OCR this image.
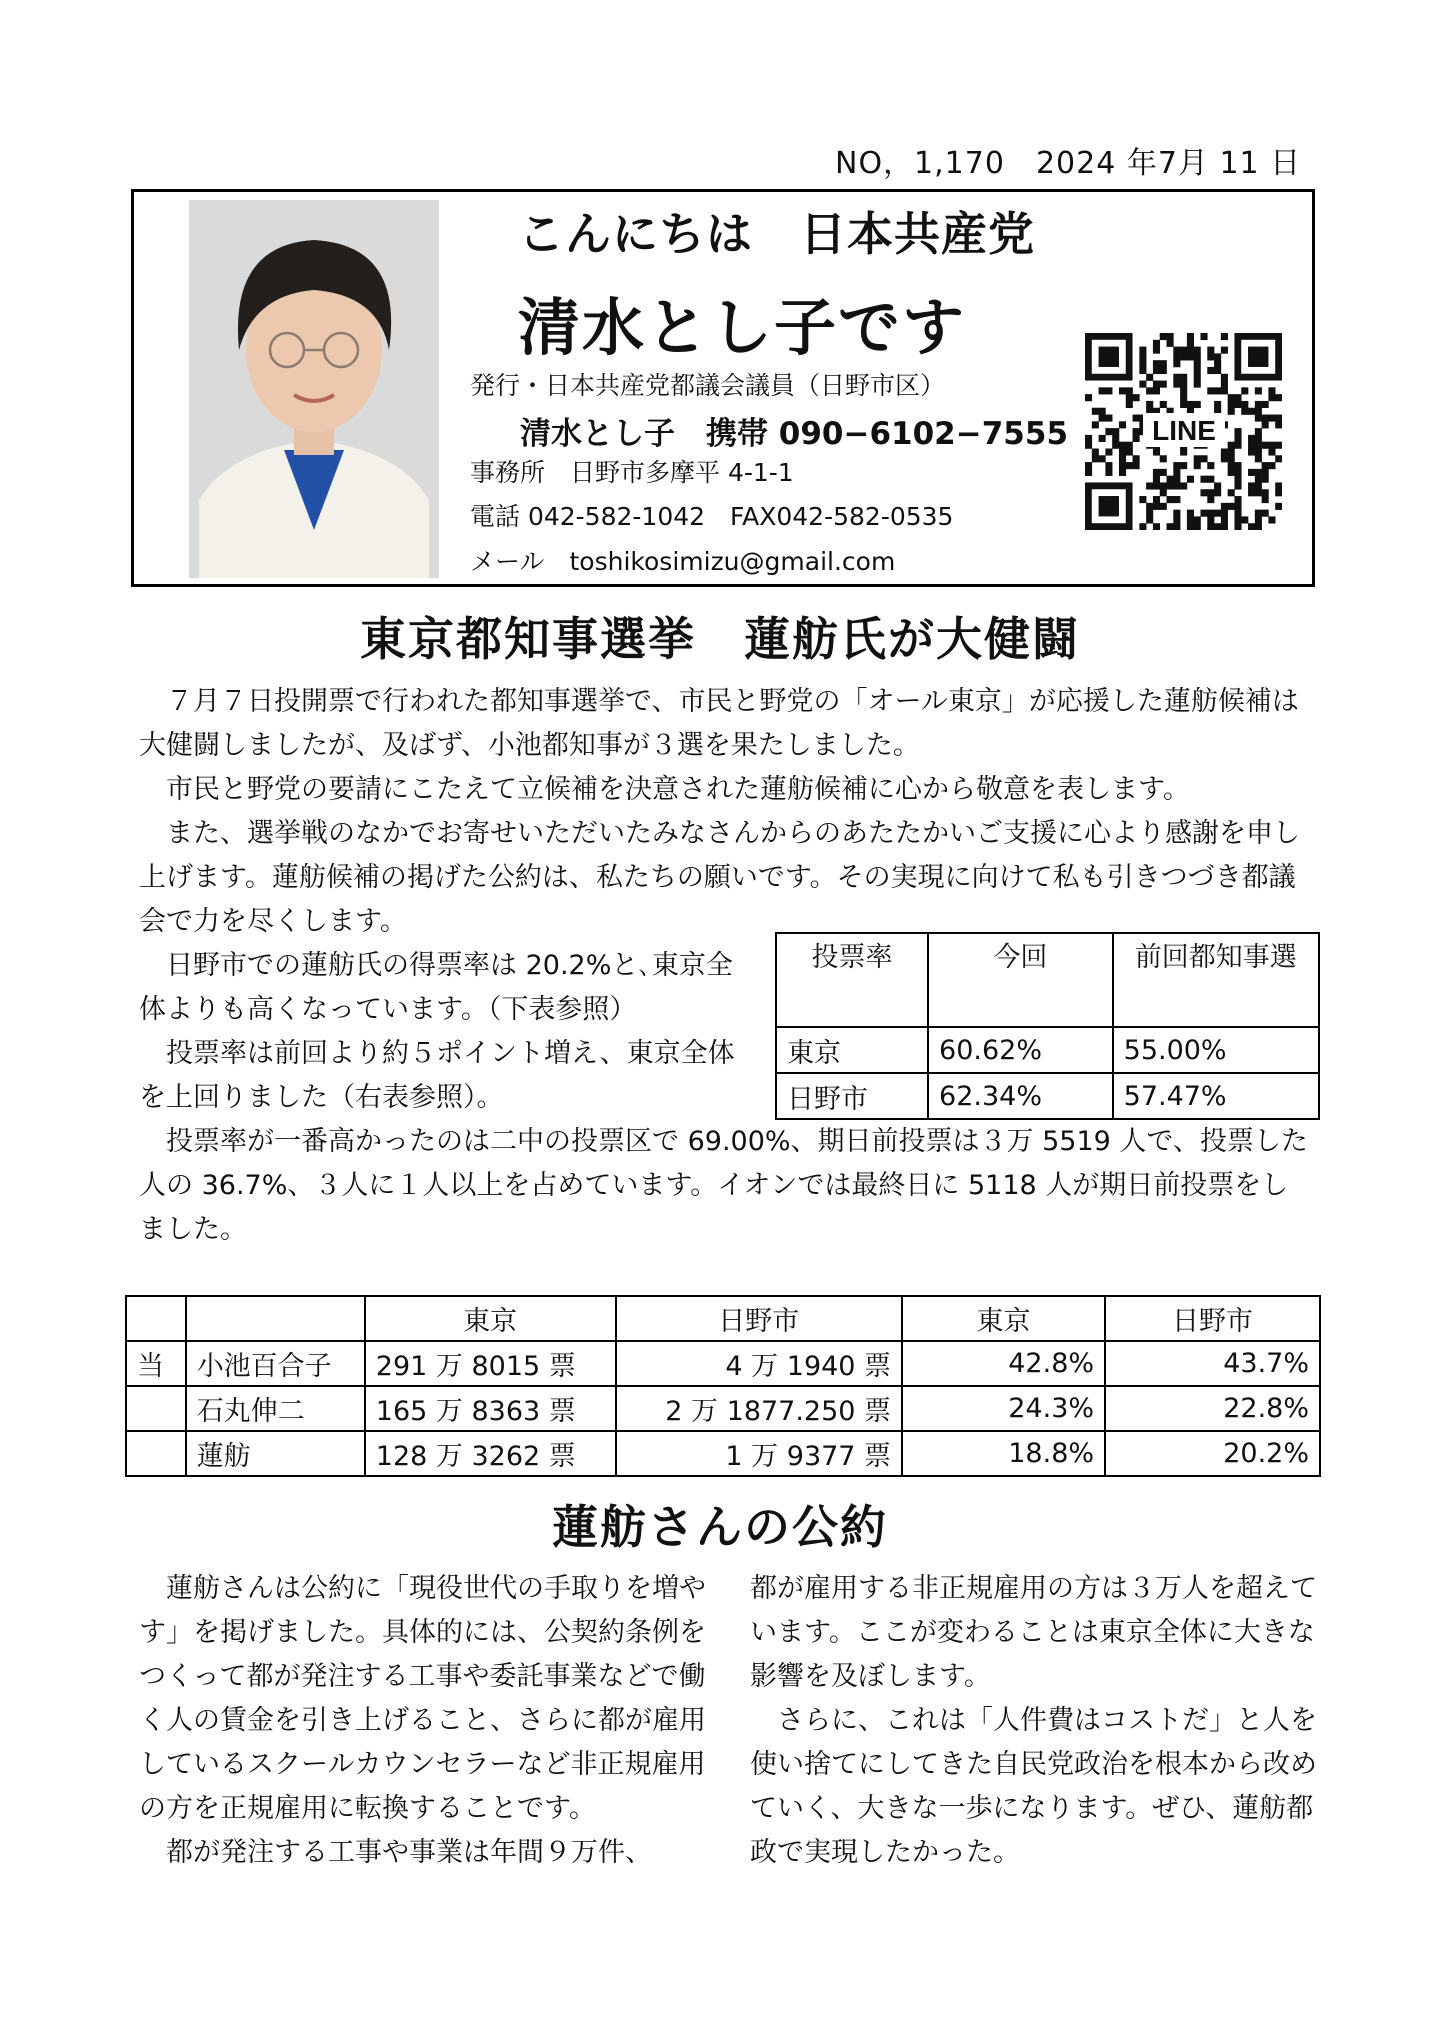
NO，1,170　2024 年7月 11 日
こんにちは　日本共産党
清水とし子です
発行・日本共産党都議会議員（日野市区）
清水とし子　携帯 090−6102−7555
事務所　日野市多摩平 4-1-1
電話 042-582-1042　FAX042-582-0535
メール　toshikosimizu@gmail.com
LINE
東京都知事選挙　蓮舫氏が大健闘

７月７日投開票で行われた都知事選挙で、市民と野党の「オール東京」が応援した蓮舫候補は大健闘しましたが、及ばず、小池都知事が３選を果たしました。

市民と野党の要請にこたえて立候補を決意された蓮舫候補に心から敬意を表します。

また、選挙戦のなかでお寄せいただいたみなさんからのあたたかいご支援に心より感謝を申し上げます。蓮舫候補の掲げた公約は、私たちの願いです。その実現に向けて私も引きつづき都議会で力を尽くします。

日野市での蓮舫氏の得票率は 20.2%と､東京全体よりも高くなっています。（下表参照）

投票率は前回より約５ポイント増え、東京全体を上回りました（右表参照）。

投票率	今回	前回都知事選
東京	60.62%	55.00%
日野市	62.34%	57.47%

投票率が一番高かったのは二中の投票区で 69.00%、期日前投票は３万 5519 人で、投票した人の 36.7%、３人に１人以上を占めています。イオンでは最終日に 5118 人が期日前投票をしました。

		東京	日野市	東京	日野市
当	小池百合子	291 万 8015 票	4 万 1940 票	42.8%	43.7%
	石丸伸二	165 万 8363 票	2 万 1877.250 票	24.3%	22.8%
	蓮舫	128 万 3262 票	1 万 9377 票	18.8%	20.2%
蓮舫さんの公約

蓮舫さんは公約に「現役世代の手取りを増やす」を掲げました。具体的には、公契約条例をつくって都が発注する工事や委託事業などで働く人の賃金を引き上げること、さらに都が雇用しているスクールカウンセラーなど非正規雇用の方を正規雇用に転換することです。

都が発注する工事や事業は年間９万件、

都が雇用する非正規雇用の方は３万人を超えています。ここが変わることは東京全体に大きな影響を及ぼします。

さらに、これは「人件費はコストだ」と人を使い捨てにしてきた自民党政治を根本から改めていく、大きな一歩になります。ぜひ、蓮舫都政で実現したかった。
